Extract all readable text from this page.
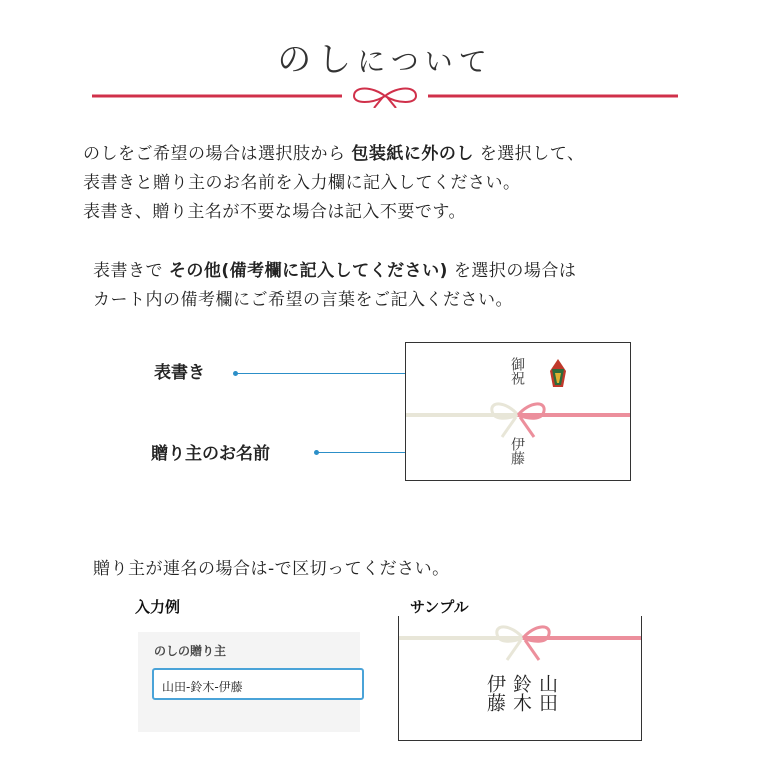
のしについて
のしをご希望の場合は選択肢から 包装紙に外のし を選択して、
表書きと贈り主のお名前を入力欄に記入してください。
表書き、贈り主名が不要な場合は記入不要です。
表書きで その他(備考欄に記入してください) を選択の場合は
カート内の備考欄にご希望の言葉をご記入ください。
表書き
贈り主のお名前
御祝
伊藤
贈り主が連名の場合は-で区切ってください。
入力例	サンプル
のしの贈り主
山田-鈴木-伊藤	山田
鈴木
伊藤
